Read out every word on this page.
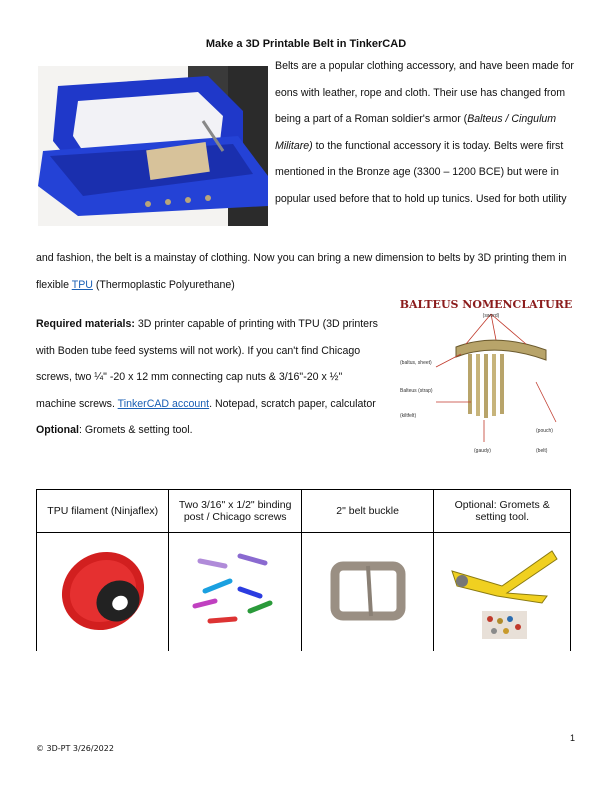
Make a 3D Printable Belt in TinkerCAD
Belts are a popular clothing accessory, and have been made for eons with leather, rope and cloth. Their use has changed from being a part of a Roman soldier's armor (Balteus / Cingulum Militare) to the functional accessory it is today. Belts were first mentioned in the Bronze age (3300 – 1200 BCE) but were in popular used before that to hold up tunics. Used for both utility
and fashion, the belt is a mainstay of clothing. Now you can bring a new dimension to belts by 3D printing them in flexible TPU (Thermoplastic Polyurethane)
Required materials: 3D printer capable of printing with TPU (3D printers with Boden tube feed systems will not work). If you can't find Chicago screws, two ¼" -20 x 12 mm connecting cap nuts & 3/16"-20 x ½" machine screws. TinkerCAD account. Notepad, scratch paper, calculator Optional: Gromets & setting tool.
BALTEUS NOMENCLATURE
(sword)
(baltus, sheet)
Balteus (strap)
(kiltfelt)
(gaudy)
(pouch)
(belt)
TPU filament (Ninjaflex)	Two 3/16" x 1/2" binding post / Chicago screws	2" belt buckle	Optional: Gromets & setting tool.

1
© 3D-PT 3/26/2022
